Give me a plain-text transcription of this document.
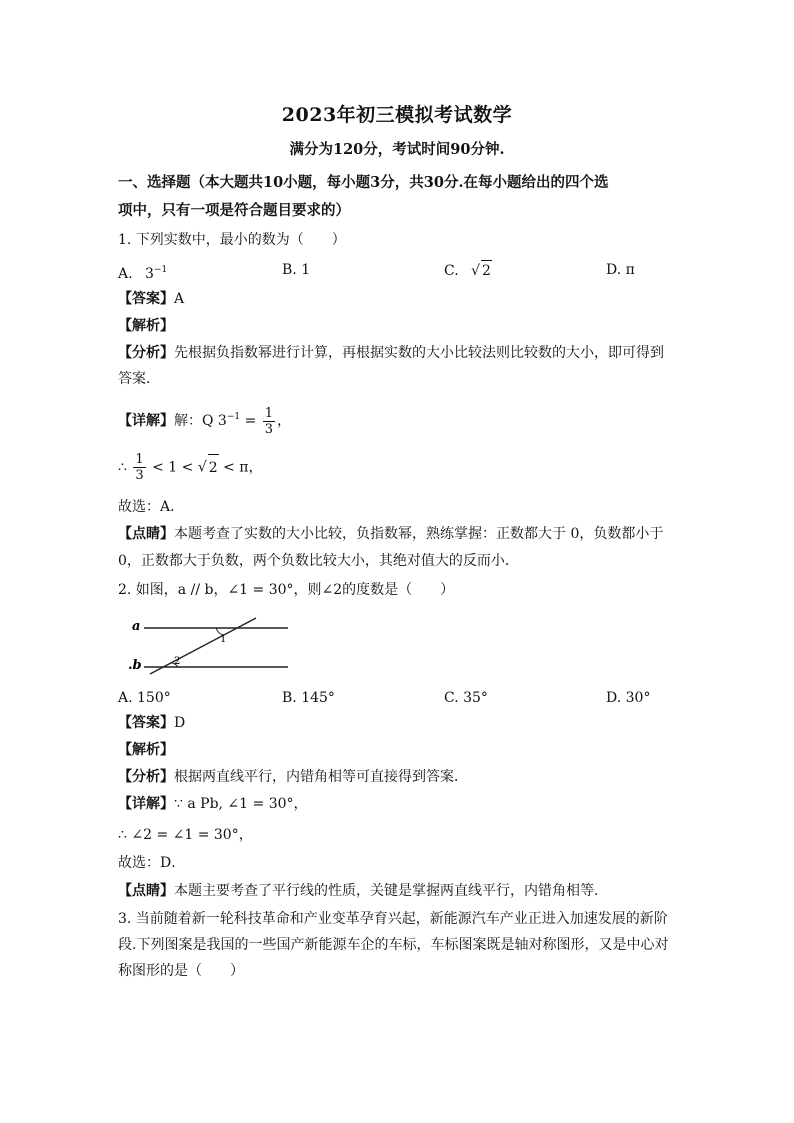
2023年初三模拟考试数学
满分为120分，考试时间90分钟.
一、选择题（本大题共10小题，每小题3分，共30分.在每小题给出的四个选
项中，只有一项是符合题目要求的）
1. 下列实数中，最小的数为（　　）
A. $3^{-1}$	B. 1	C. √ 2	D. π
【答案】A
【解析】
【分析】先根据负指数幂进行计算，再根据实数的大小比较法则比较数的大小，即可得到
答案．
【详解】解：Q $3^{-1} = \frac{1}{3}$ ，
∴ $\frac{1}{3} < 1$ < √ 2 < π，
故选：A．
【点睛】本题考查了实数的大小比较，负指数幂，熟练掌握：正数都大于 0，负数都小于
0，正数都大于负数，两个负数比较大小，其绝对值大的反而小．
2. 如图，a // b，∠1 = 30°，则∠2的度数是（　　）
a
.b
1
2
A. 150°	B. 145°	C. 35°	D. 30°
【答案】D
【解析】
【分析】根据两直线平行，内错角相等可直接得到答案．
【详解】∵ a Pb, ∠1 = 30°，
∴ ∠2 = ∠1 = 30°，
故选：D．
【点睛】本题主要考查了平行线的性质，关键是掌握两直线平行，内错角相等．
3. 当前随着新一轮科技革命和产业变革孕育兴起，新能源汽车产业正进入加速发展的新阶
段.下列图案是我国的一些国产新能源车企的车标，车标图案既是轴对称图形，又是中心对
称图形的是（　　）
